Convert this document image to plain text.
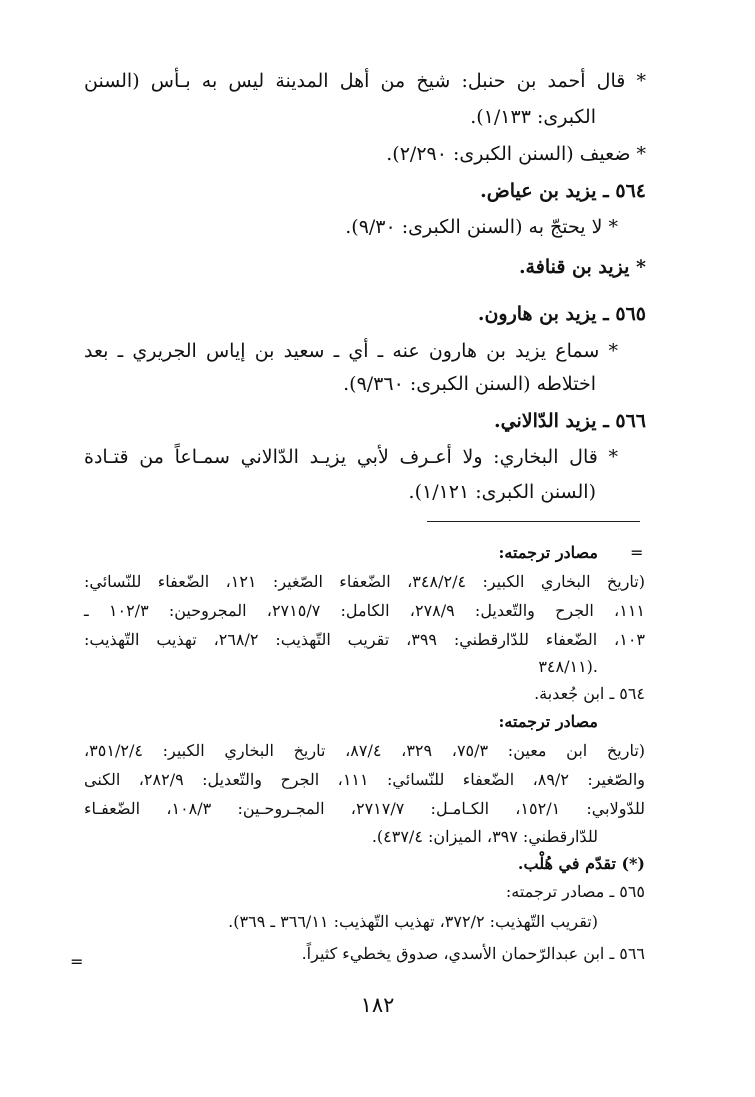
* قال أحمد بن حنبل: شيخ من أهل المدينة ليس به بـأس (السنن
الكبرى: ١/١٣٣).
* ضعيف (السنن الكبرى: ٢/٢٩٠).
٥٦٤ ـ يزيد بن عياض.
* لا يحتجّ به (السنن الكبرى: ٩/٣٠).
* يزيد بن قنافة.
٥٦٥ ـ يزيد بن هارون.
* سماع يزيد بن هارون عنه ـ أي ـ سعيد بن إياس الجريري ـ بعد
اختلاطه (السنن الكبرى: ٩/٣٦٠).
٥٦٦ ـ يزيد الدّالاني.
* قال البخاري: ولا أعـرف لأبي يزيـد الدّالاني سمـاعاً من قتـادة
(السنن الكبرى: ١/١٢١).
=
مصادر ترجمته:
(تاريخ البخاري الكبير: ٣٤٨/٢/٤، الضّعفاء الصّغير: ١٢١، الضّعفاء للنّسائي:
١١١، الجرح والتّعديل: ٢٧٨/٩، الكامل: ٢٧١٥/٧، المجروحين: ١٠٢/٣ ـ
١٠٣، الضّعفاء للدّارقطني: ٣٩٩، تقريب التّهذيب: ٢٦٨/٢، تهذيب التّهذيب:
٣٤٨/١١).
٥٦٤ ـ ابن جُعدبة.
مصادر ترجمته:
(تاريخ ابن معين: ٧٥/٣، ٣٢٩، ٨٧/٤، تاريخ البخاري الكبير: ٣٥١/٢/٤،
والصّغير: ٨٩/٢، الضّعفاء للنّسائي: ١١١، الجرح والتّعديل: ٢٨٢/٩، الكنى
للدّولابي: ١٥٢/١، الكـامـل: ٢٧١٧/٧، المجـروحـين: ١٠٨/٣، الضّعفـاء
للدّارقطني: ٣٩٧، الميزان: ٤٣٧/٤).
(*) تقدّم في هُلْب.
٥٦٥ ـ مصادر ترجمته:
(تقريب التّهذيب: ٣٧٢/٢، تهذيب التّهذيب: ٣٦٦/١١ ـ ٣٦٩).
٥٦٦ ـ ابن عبدالرّحمان الأسدي، صدوق يخطيء كثيراً.
=
١٨٢
